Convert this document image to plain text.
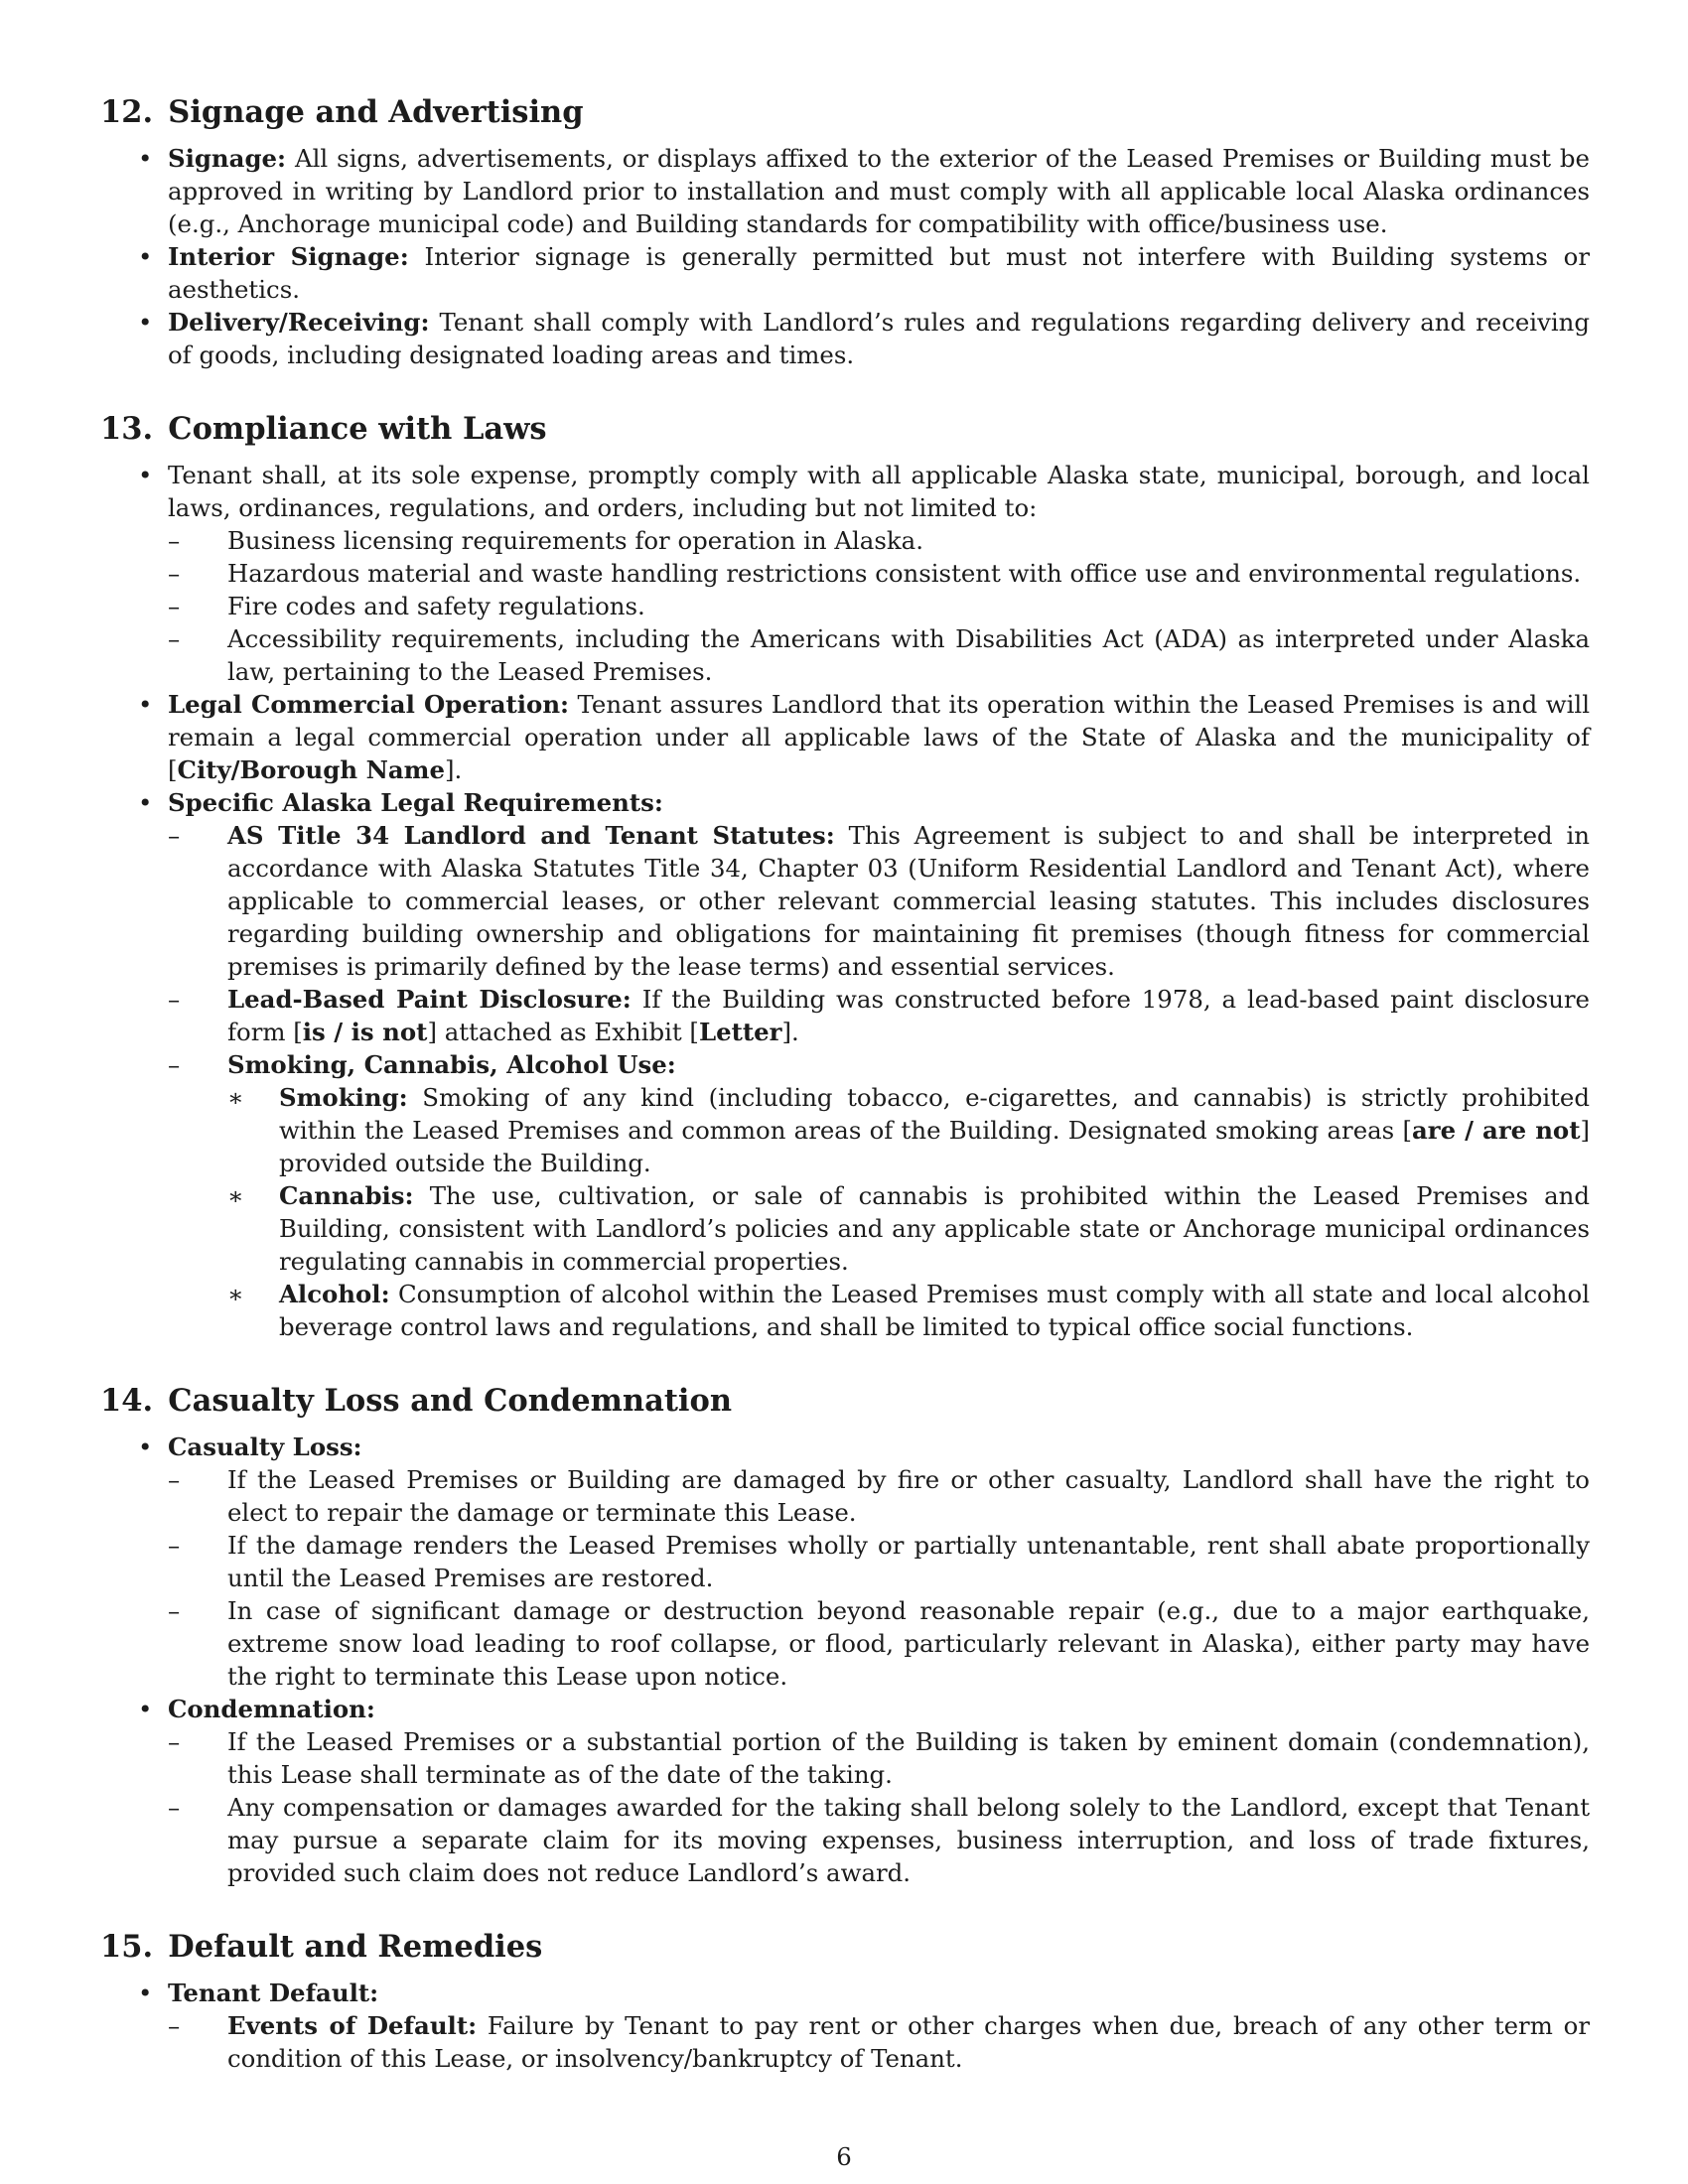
12. Signage and Advertising
• Signage: All signs, advertisements, or displays affixed to the exterior of the Leased Premises or Building must be approved in writing by Landlord prior to installation and must comply with all applicable local Alaska ordinances (e.g., Anchorage municipal code) and Building standards for compatibility with office/business use.
• Interior Signage: Interior signage is generally permitted but must not interfere with Building systems or aesthetics.
• Delivery/Receiving: Tenant shall comply with Landlord’s rules and regulations regarding delivery and receiving of goods, including designated loading areas and times.
13. Compliance with Laws
• Tenant shall, at its sole expense, promptly comply with all applicable Alaska state, municipal, borough, and local laws, ordinances, regulations, and orders, including but not limited to:
– Business licensing requirements for operation in Alaska.
– Hazardous material and waste handling restrictions consistent with office use and environmental regulations.
– Fire codes and safety regulations.
– Accessibility requirements, including the Americans with Disabilities Act (ADA) as interpreted under Alaska law, pertaining to the Leased Premises.
• Legal Commercial Operation: Tenant assures Landlord that its operation within the Leased Premises is and will remain a legal commercial operation under all applicable laws of the State of Alaska and the municipality of [City/Borough Name].
• Specific Alaska Legal Requirements:
– AS Title 34 Landlord and Tenant Statutes: This Agreement is subject to and shall be interpreted in accordance with Alaska Statutes Title 34, Chapter 03 (Uniform Residential Landlord and Tenant Act), where applicable to commercial leases, or other relevant commercial leasing statutes. This includes disclosures regarding building ownership and obligations for maintaining fit premises (though fitness for commercial premises is primarily defined by the lease terms) and essential services.
– Lead-Based Paint Disclosure: If the Building was constructed before 1978, a lead-based paint disclosure form [is / is not] attached as Exhibit [Letter].
– Smoking, Cannabis, Alcohol Use:
∗ Smoking: Smoking of any kind (including tobacco, e-cigarettes, and cannabis) is strictly prohibited within the Leased Premises and common areas of the Building. Designated smoking areas [are / are not] provided outside the Building.
∗ Cannabis: The use, cultivation, or sale of cannabis is prohibited within the Leased Premises and Building, consistent with Landlord’s policies and any applicable state or Anchorage municipal ordinances regulating cannabis in commercial properties.
∗ Alcohol: Consumption of alcohol within the Leased Premises must comply with all state and local alcohol beverage control laws and regulations, and shall be limited to typical office social functions.
14. Casualty Loss and Condemnation
• Casualty Loss:
– If the Leased Premises or Building are damaged by fire or other casualty, Landlord shall have the right to elect to repair the damage or terminate this Lease.
– If the damage renders the Leased Premises wholly or partially untenantable, rent shall abate proportionally until the Leased Premises are restored.
– In case of significant damage or destruction beyond reasonable repair (e.g., due to a major earthquake, extreme snow load leading to roof collapse, or flood, particularly relevant in Alaska), either party may have the right to terminate this Lease upon notice.
• Condemnation:
– If the Leased Premises or a substantial portion of the Building is taken by eminent domain (condemnation), this Lease shall terminate as of the date of the taking.
– Any compensation or damages awarded for the taking shall belong solely to the Landlord, except that Tenant may pursue a separate claim for its moving expenses, business interruption, and loss of trade fixtures, provided such claim does not reduce Landlord’s award.
15. Default and Remedies
• Tenant Default:
– Events of Default: Failure by Tenant to pay rent or other charges when due, breach of any other term or condition of this Lease, or insolvency/bankruptcy of Tenant.
6
